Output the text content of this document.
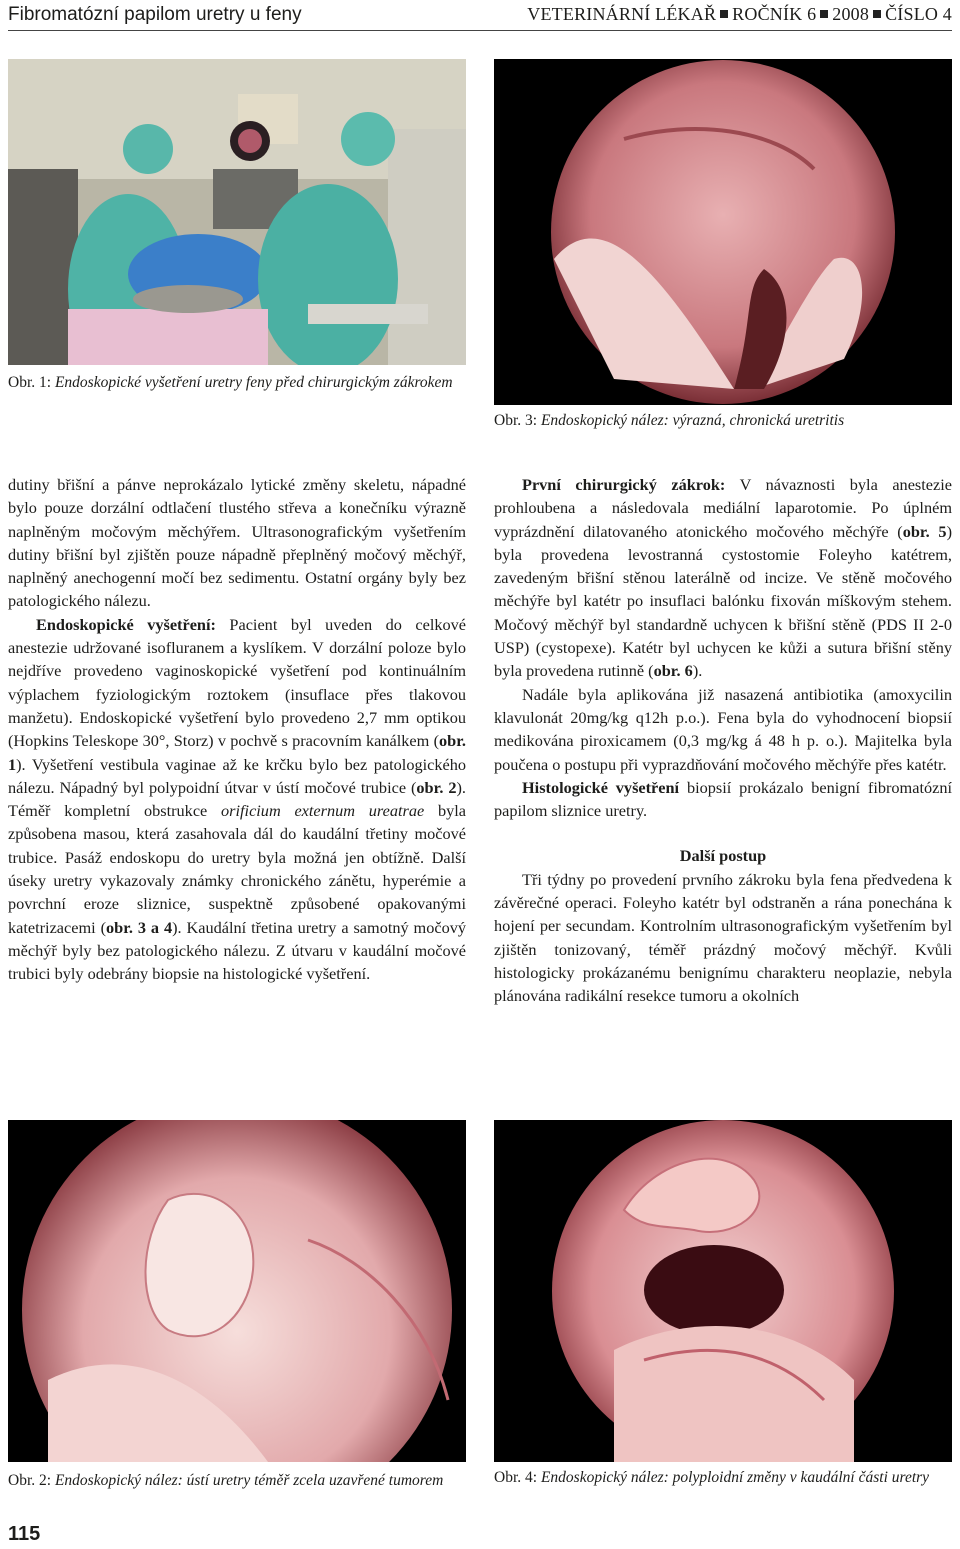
Fibromatózní papilom uretry u feny	VETERINÁRNÍ LÉKAŘ ROČNÍK 6 2008 ČÍSLO 4
Obr. 1: Endoskopické vyšetření uretry feny před chirurgickým zákrokem
Obr. 3: Endoskopický nález: výrazná, chronická uretritis

dutiny břišní a pánve neprokázalo lytické změny skeletu, nápadné bylo pouze dorzální odtlačení tlustého střeva a konečníku výrazně naplněným močovým měchýřem. Ultrasonografickým vyšetřením dutiny břišní byl zjištěn pouze nápadně přeplněný močový měchýř, naplněný anechogenní močí bez sedimentu. Ostatní orgány byly bez patologického nálezu.

Endoskopické vyšetření: Pacient byl uveden do celkové anestezie udržované isofluranem a kyslíkem. V dorzální poloze bylo nejdříve provedeno vaginoskopické vyšetření pod kontinuálním výplachem fyziologickým roztokem (insuflace přes tlakovou manžetu). Endoskopické vyšetření bylo provedeno 2,7 mm optikou (Hopkins Teleskope 30°, Storz) v pochvě s pracovním kanálkem (obr. 1). Vyšetření vestibula vaginae až ke krčku bylo bez patologického nálezu. Nápadný byl polypoidní útvar v ústí močové trubice (obr. 2). Téměř kompletní obstrukce orificium externum ureatrae byla způsobena masou, která zasahovala dál do kaudální třetiny močové trubice. Pasáž endoskopu do uretry byla možná jen obtížně. Další úseky uretry vykazovaly známky chronického zánětu, hyperémie a povrchní eroze sliznice, suspektně způsobené opakovanými katetrizacemi (obr. 3 a 4). Kaudální třetina uretry a samotný močový měchýř byly bez patologického nálezu. Z útvaru v kaudální močové trubici byly odebrány biopsie na histologické vyšetření.

První chirurgický zákrok: V návaznosti byla anestezie prohloubena a následovala mediální laparotomie. Po úplném vyprázdnění dilatovaného atonického močového měchýře (obr. 5) byla provedena levostranná cystostomie Foleyho katétrem, zavedeným břišní stěnou laterálně od incize. Ve stěně močového měchýře byl katétr po insuflaci balónku fixován míškovým stehem. Močový měchýř byl standardně uchycen k břišní stěně (PDS II 2-0 USP) (cystopexe). Katétr byl uchycen ke kůži a sutura břišní stěny byla provedena rutinně (obr. 6).

Nadále byla aplikována již nasazená antibiotika (amoxycilin klavulonát 20mg/kg q12h p.o.). Fena byla do vyhodnocení biopsií medikována piroxicamem (0,3 mg/kg á 48 h p. o.). Majitelka byla poučena o postupu při vyprazdňování močového měchýře přes katétr.

Histologické vyšetření biopsií prokázalo benigní fibromatózní papilom sliznice uretry.

Další postup

Tři týdny po provedení prvního zákroku byla fena předvedena k závěrečné operaci. Foleyho katétr byl odstraněn a rána ponechána k hojení per secundam. Kontrolním ultrasonografickým vyšetřením byl zjištěn tonizovaný, téměř prázdný močový měchýř. Kvůli histologicky prokázanému benignímu charakteru neoplazie, nebyla plánována radikální resekce tumoru a okolních

Obr. 2: Endoskopický nález: ústí uretry téměř zcela uzavřené tumorem	Obr. 4: Endoskopický nález: polyploidní změny v kaudální části uretry
115
